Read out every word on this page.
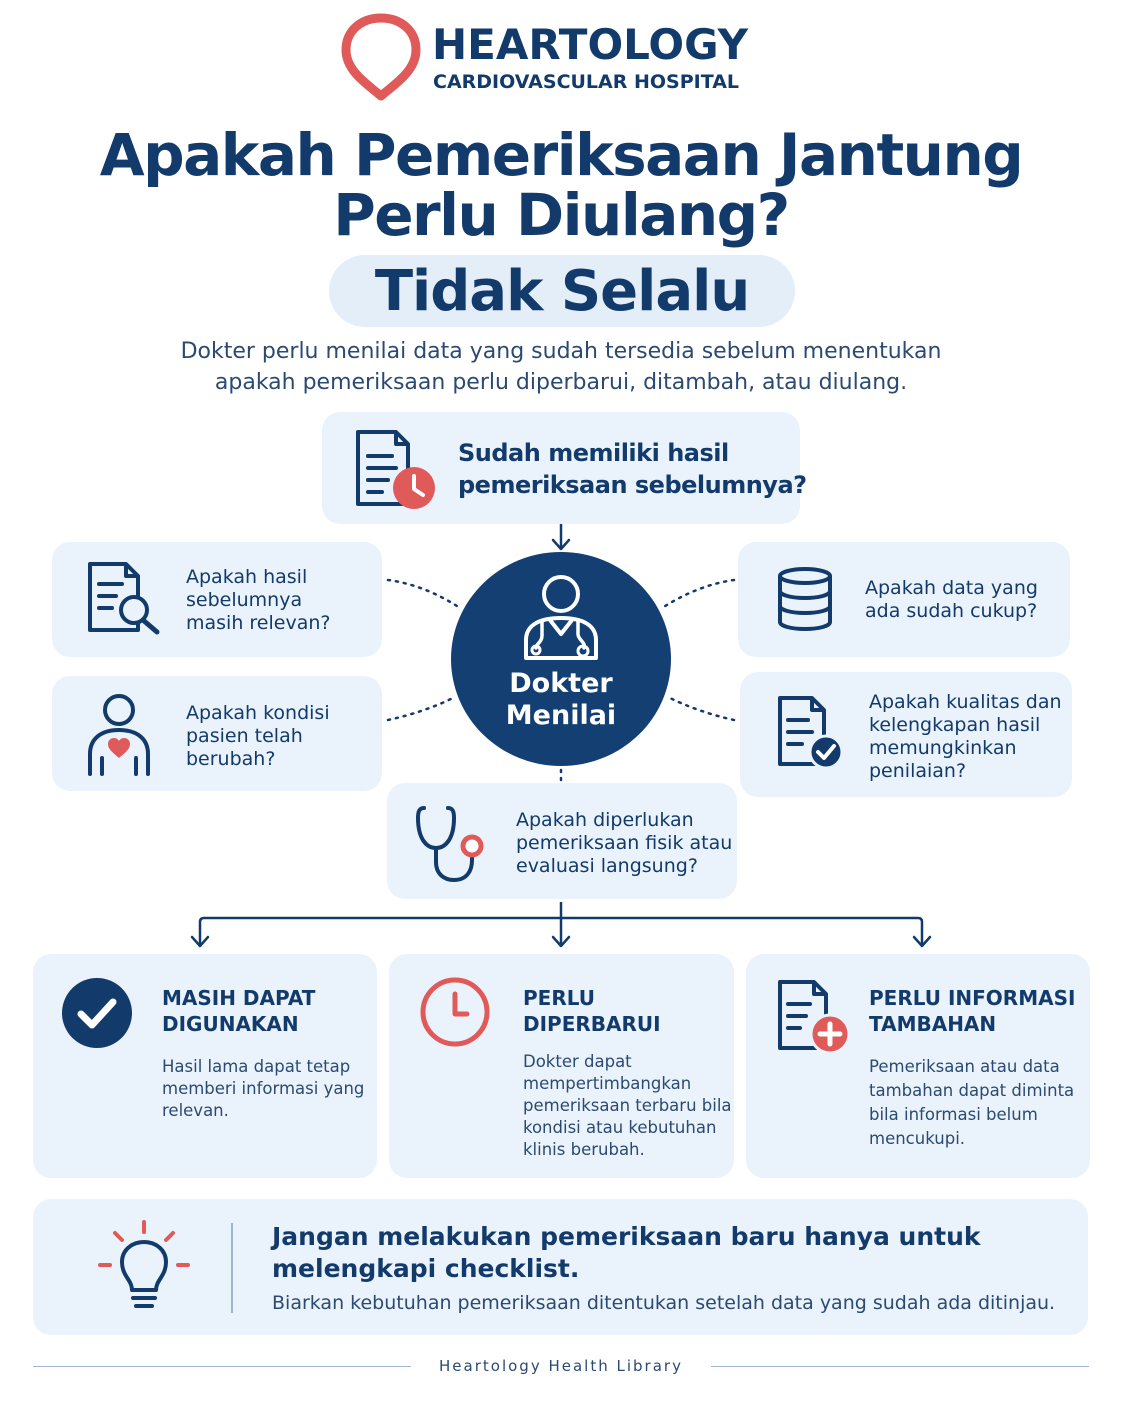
HEARTOLOGY
CARDIOVASCULAR HOSPITAL
Apakah Pemeriksaan Jantung
Perlu Diulang?
Tidak Selalu
Dokter perlu menilai data yang sudah tersedia sebelum menentukan
apakah pemeriksaan perlu diperbarui, ditambah, atau diulang.
Sudah memiliki hasil
pemeriksaan sebelumnya?
Apakah hasil
sebelumnya
masih relevan?
Apakah kondisi
pasien telah
berubah?
Apakah data yang
ada sudah cukup?
Apakah kualitas dan
kelengkapan hasil
memungkinkan
penilaian?
Apakah diperlukan
pemeriksaan fisik atau
evaluasi langsung?
Dokter
Menilai
MASIH DAPAT
DIGUNAKAN
Hasil lama dapat tetap
memberi informasi yang
relevan.
PERLU
DIPERBARUI
Dokter dapat
mempertimbangkan
pemeriksaan terbaru bila
kondisi atau kebutuhan
klinis berubah.
PERLU INFORMASI
TAMBAHAN
Pemeriksaan atau data
tambahan dapat diminta
bila informasi belum
mencukupi.
Jangan melakukan pemeriksaan baru hanya untuk
melengkapi checklist.
Biarkan kebutuhan pemeriksaan ditentukan setelah data yang sudah ada ditinjau.
Heartology Health Library
